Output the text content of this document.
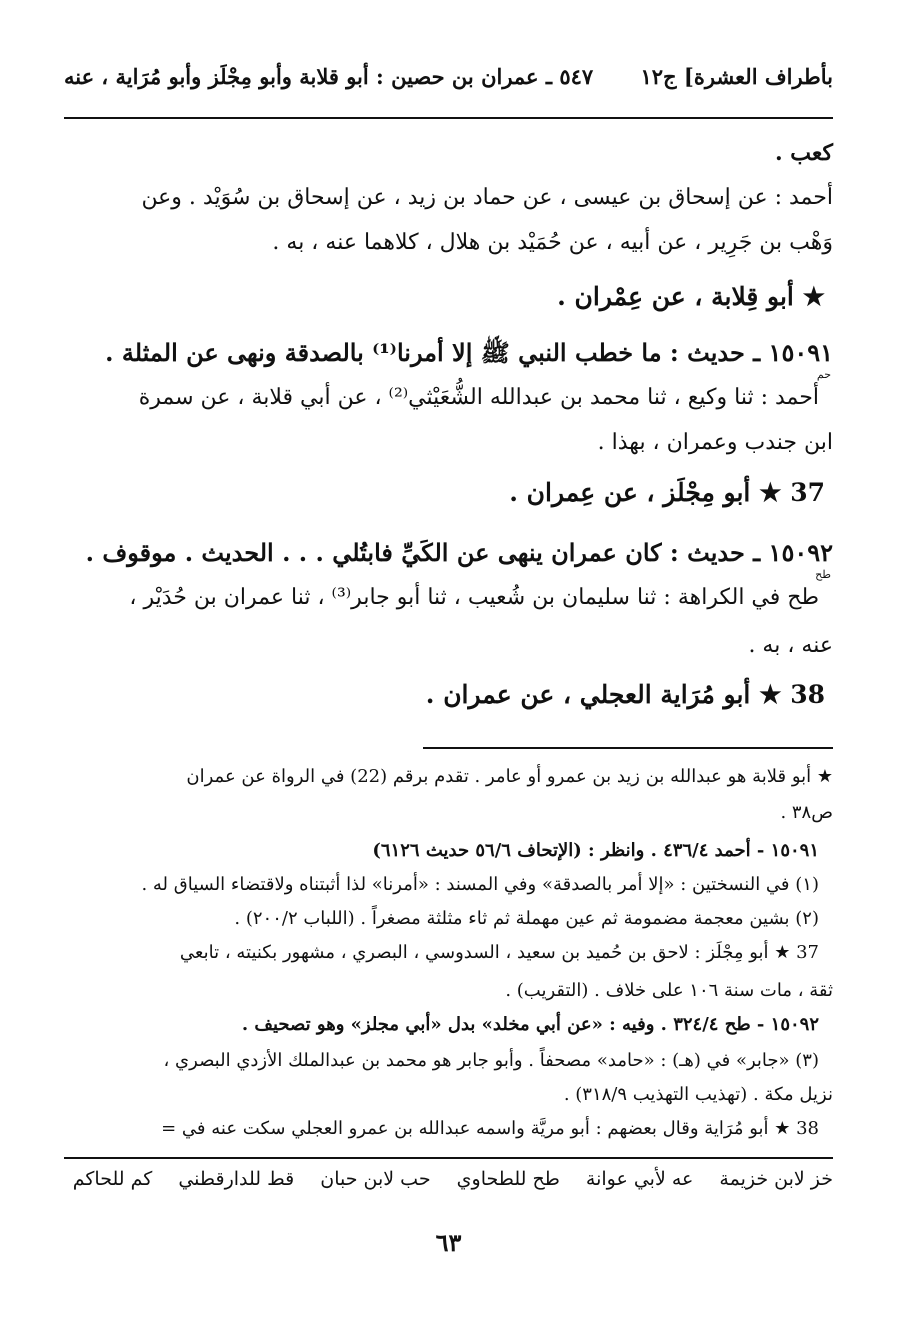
٥٤٧ ـ عمران بن حصين : أبو قلابة وأبو مِجْلَز وأبو مُرَاية ، عنه بأطراف العشرة] ج١٢
كعب .
أحمد : عن إسحاق بن عيسى ، عن حماد بن زيد ، عن إسحاق بن سُوَيْد . وعن
وَهْب بن جَرِير ، عن أبيه ، عن حُمَيْد بن هلال ، كلاهما عنه ، به .
★ أبو قِلابة ، عن عِمْران .
١٥٠٩١ ـ حديث : ما خطب النبي ﷺ إلا أمرنا⁽¹⁾ بالصدقة ونهى عن المثلة .
حم
أحمد : ثنا وكيع ، ثنا محمد بن عبدالله الشُّعَيْثي⁽²⁾ ، عن أبي قلابة ، عن سمرة
ابن جندب وعمران ، بهذا .
37 ★ أبو مِجْلَز ، عن عِمران .
١٥٠٩٢ ـ حديث : كان عمران ينهى عن الكَيِّ فابتُلي . . . الحديث . موقوف .
طح
طح في الكراهة : ثنا سليمان بن شُعيب ، ثنا أبو جابر⁽³⁾ ، ثنا عمران بن حُدَيْر ،
عنه ، به .
38 ★ أبو مُرَاية العجلي ، عن عمران .
★ أبو قلابة هو عبدالله بن زيد بن عمرو أو عامر . تقدم برقم (22) في الرواة عن عمران
ص٣٨ .
١٥٠٩١ - أحمد ٤٣٦/٤ . وانظر : (الإتحاف ٥٦/٦ حديث ٦١٢٦)
(١) في النسختين : «إلا أمر بالصدقة» وفي المسند : «أمرنا» لذا أثبتناه ولاقتضاء السياق له .
(٢) بشين معجمة مضمومة ثم عين مهملة ثم ثاء مثلثة مصغراً . (اللباب ٢٠٠/٢) .
37 ★ أبو مِجْلَز : لاحق بن حُميد بن سعيد ، السدوسي ، البصري ، مشهور بكنيته ، تابعي
ثقة ، مات سنة ١٠٦ على خلاف . (التقريب) .
١٥٠٩٢ - طح ٣٢٤/٤ . وفيه : «عن أبي مخلد» بدل «أبي مجلز» وهو تصحيف .
(٣) «جابر» في (هـ) : «حامد» مصحفاً . وأبو جابر هو محمد بن عبدالملك الأزدي البصري ،
نزيل مكة . (تهذيب التهذيب ٣١٨/٩) .
38 ★ أبو مُرَاية وقال بعضهم : أبو مريَّة واسمه عبدالله بن عمرو العجلي سكت عنه في =
خز لابن خزيمة عه لأبي عوانة طح للطحاوي حب لابن حبان قط للدارقطني كم للحاكم
٦٣
